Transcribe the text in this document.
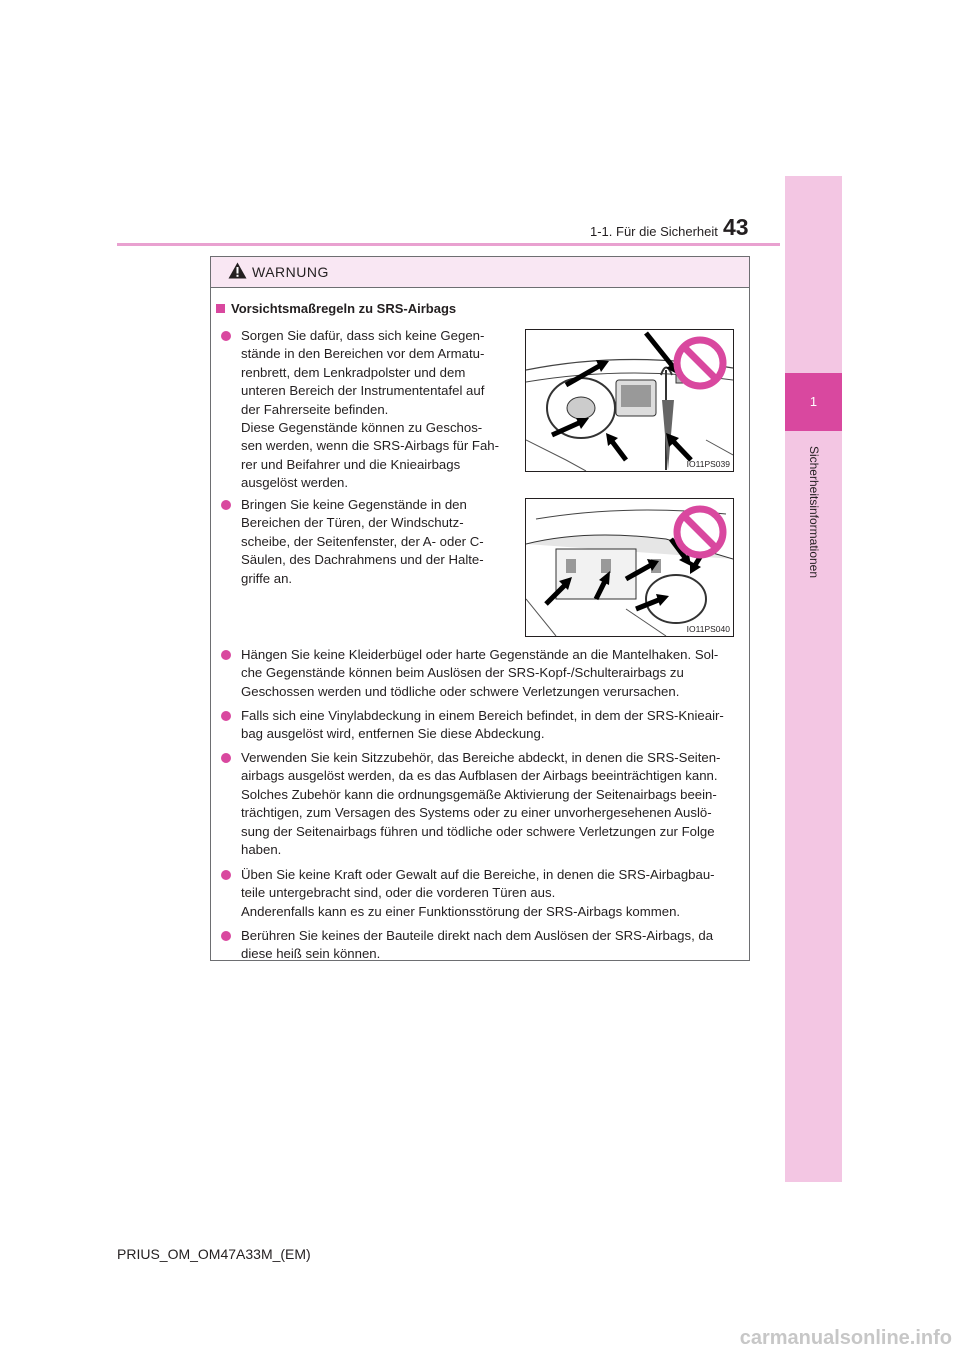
1-1. Für die Sicherheit 43
1
Sicherheitsinformationen
WARNUNG
Vorsichtsmaßregeln zu SRS-Airbags
Sorgen Sie dafür, dass sich keine Gegen-
stände in den Bereichen vor dem Armatu-
renbrett, dem Lenkradpolster und dem
unteren Bereich der Instrumententafel auf
der Fahrerseite befinden.
Diese Gegenstände können zu Geschos-
sen werden, wenn die SRS-Airbags für Fah-
rer und Beifahrer und die Knieairbags
ausgelöst werden.
IO11PS039
Bringen Sie keine Gegenstände in den
Bereichen der Türen, der Windschutz-
scheibe, der Seitenfenster, der A- oder C-
Säulen, des Dachrahmens und der Halte-
griffe an.
IO11PS040
Hängen Sie keine Kleiderbügel oder harte Gegenstände an die Mantelhaken. Sol-
che Gegenstände können beim Auslösen der SRS-Kopf-/Schulterairbags zu
Geschossen werden und tödliche oder schwere Verletzungen verursachen.
Falls sich eine Vinylabdeckung in einem Bereich befindet, in dem der SRS-Knieair-
bag ausgelöst wird, entfernen Sie diese Abdeckung.
Verwenden Sie kein Sitzzubehör, das Bereiche abdeckt, in denen die SRS-Seiten-
airbags ausgelöst werden, da es das Aufblasen der Airbags beeinträchtigen kann.
Solches Zubehör kann die ordnungsgemäße Aktivierung der Seitenairbags beein-
trächtigen, zum Versagen des Systems oder zu einer unvorhergesehenen Auslö-
sung der Seitenairbags führen und tödliche oder schwere Verletzungen zur Folge
haben.
Üben Sie keine Kraft oder Gewalt auf die Bereiche, in denen die SRS-Airbagbau-
teile untergebracht sind, oder die vorderen Türen aus.
Anderenfalls kann es zu einer Funktionsstörung der SRS-Airbags kommen.
Berühren Sie keines der Bauteile direkt nach dem Auslösen der SRS-Airbags, da
diese heiß sein können.
PRIUS_OM_OM47A33M_(EM)
carmanualsonline.info
